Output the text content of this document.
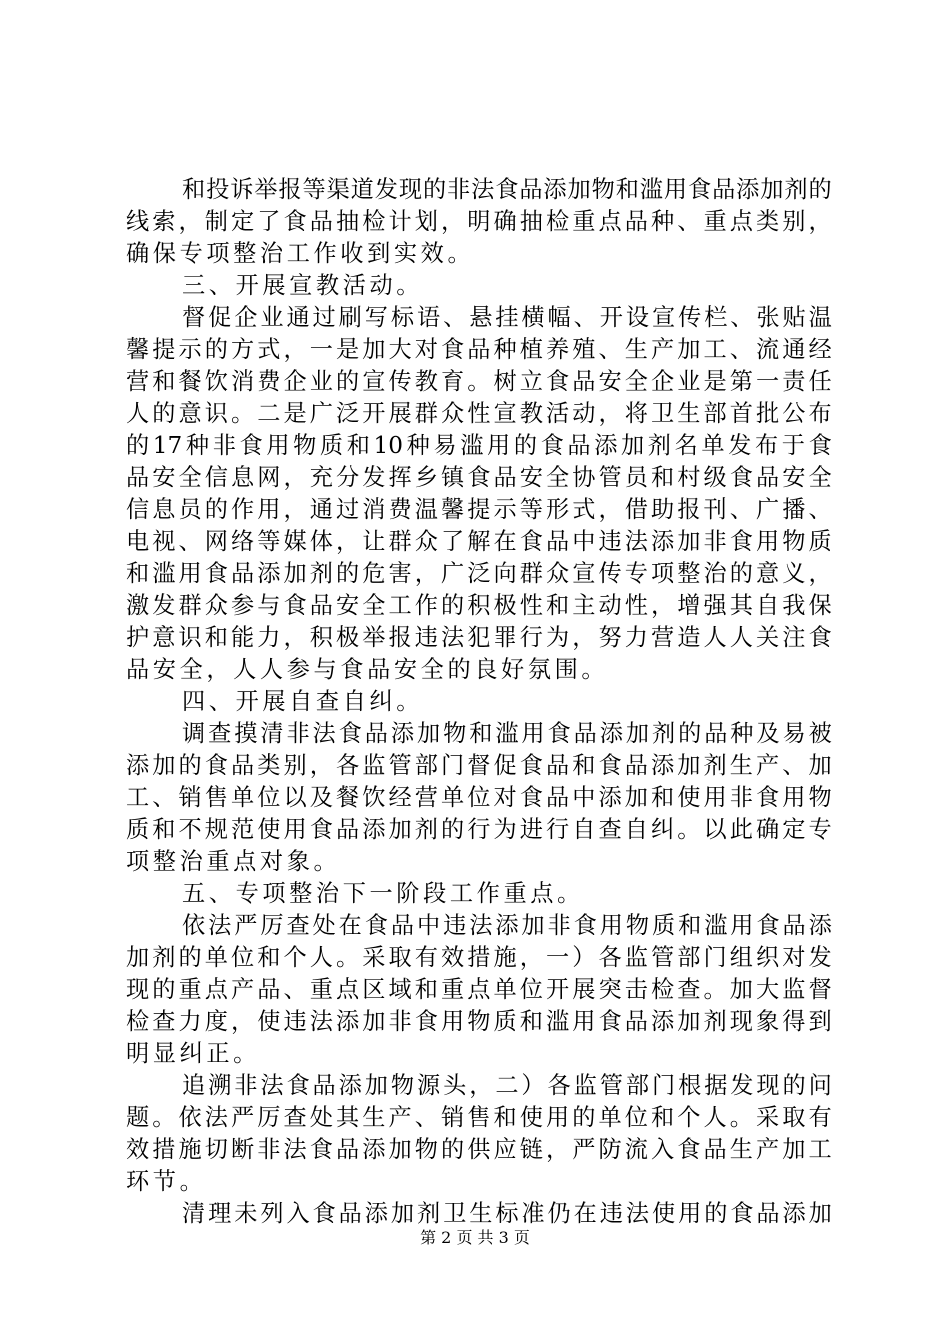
和 投 诉 举 报 等 渠 道 发 现 的 非 法 食 品 添 加 物 和 滥 用 食 品 添 加 剂 的
线 索 ， 制 定 了 食 品 抽 检 计 划 ， 明 确 抽 检 重 点 品 种 、 重 点 类 别 ，
确保专项整治工作收到实效。
三、开展宣教活动。
督 促 企 业 通 过 刷 写 标 语 、 悬 挂 横 幅 、 开 设 宣 传 栏 、 张 贴 温
馨 提 示 的 方 式 ， 一 是 加 大 对 食 品 种 植 养 殖 、 生 产 加 工 、 流 通 经
营 和 餐 饮 消 费 企 业 的 宣 传 教 育 。 树 立 食 品 安 全 企 业 是 第 一 责 任
人 的 意 识 。 二 是 广 泛 开 展 群 众 性 宣 教 活 动 ， 将 卫 生 部 首 批 公 布
的 17 种 非 食 用 物 质 和 10 种 易 滥 用 的 食 品 添 加 剂 名 单 发 布 于 食
品 安 全 信 息 网 ， 充 分 发 挥 乡 镇 食 品 安 全 协 管 员 和 村 级 食 品 安 全
信 息 员 的 作 用 ， 通 过 消 费 温 馨 提 示 等 形 式 ， 借 助 报 刊 、 广 播 、
电 视 、 网 络 等 媒 体 ， 让 群 众 了 解 在 食 品 中 违 法 添 加 非 食 用 物 质
和 滥 用 食 品 添 加 剂 的 危 害 ， 广 泛 向 群 众 宣 传 专 项 整 治 的 意 义 ，
激 发 群 众 参 与 食 品 安 全 工 作 的 积 极 性 和 主 动 性 ， 增 强 其 自 我 保
护 意 识 和 能 力 ， 积 极 举 报 违 法 犯 罪 行 为 ， 努 力 营 造 人 人 关 注 食
品安全，人人参与食品安全的良好氛围。
四、开展自查自纠。
调 查 摸 清 非 法 食 品 添 加 物 和 滥 用 食 品 添 加 剂 的 品 种 及 易 被
添 加 的 食 品 类 别 ， 各 监 管 部 门 督 促 食 品 和 食 品 添 加 剂 生 产 、 加
工 、 销 售 单 位 以 及 餐 饮 经 营 单 位 对 食 品 中 添 加 和 使 用 非 食 用 物
质 和 不 规 范 使 用 食 品 添 加 剂 的 行 为 进 行 自 查 自 纠 。 以 此 确 定 专
项整治重点对象。
五、专项整治下一阶段工作重点。
依 法 严 厉 查 处 在 食 品 中 违 法 添 加 非 食 用 物 质 和 滥 用 食 品 添
加 剂 的 单 位 和 个 人 。 采 取 有 效 措 施 ， 一 ） 各 监 管 部 门 组 织 对 发
现 的 重 点 产 品 、 重 点 区 域 和 重 点 单 位 开 展 突 击 检 查 。 加 大 监 督
检 查 力 度 ， 使 违 法 添 加 非 食 用 物 质 和 滥 用 食 品 添 加 剂 现 象 得 到
明显纠正。
追 溯 非 法 食 品 添 加 物 源 头 ， 二 ） 各 监 管 部 门 根 据 发 现 的 问
题 。 依 法 严 厉 查 处 其 生 产 、 销 售 和 使 用 的 单 位 和 个 人 。 采 取 有
效 措 施 切 断 非 法 食 品 添 加 物 的 供 应 链 ， 严 防 流 入 食 品 生 产 加 工
环节。
清 理 未 列 入 食 品 添 加 剂 卫 生 标 准 仍 在 违 法 使 用 的 食 品 添 加
第 2 页 共 3 页
